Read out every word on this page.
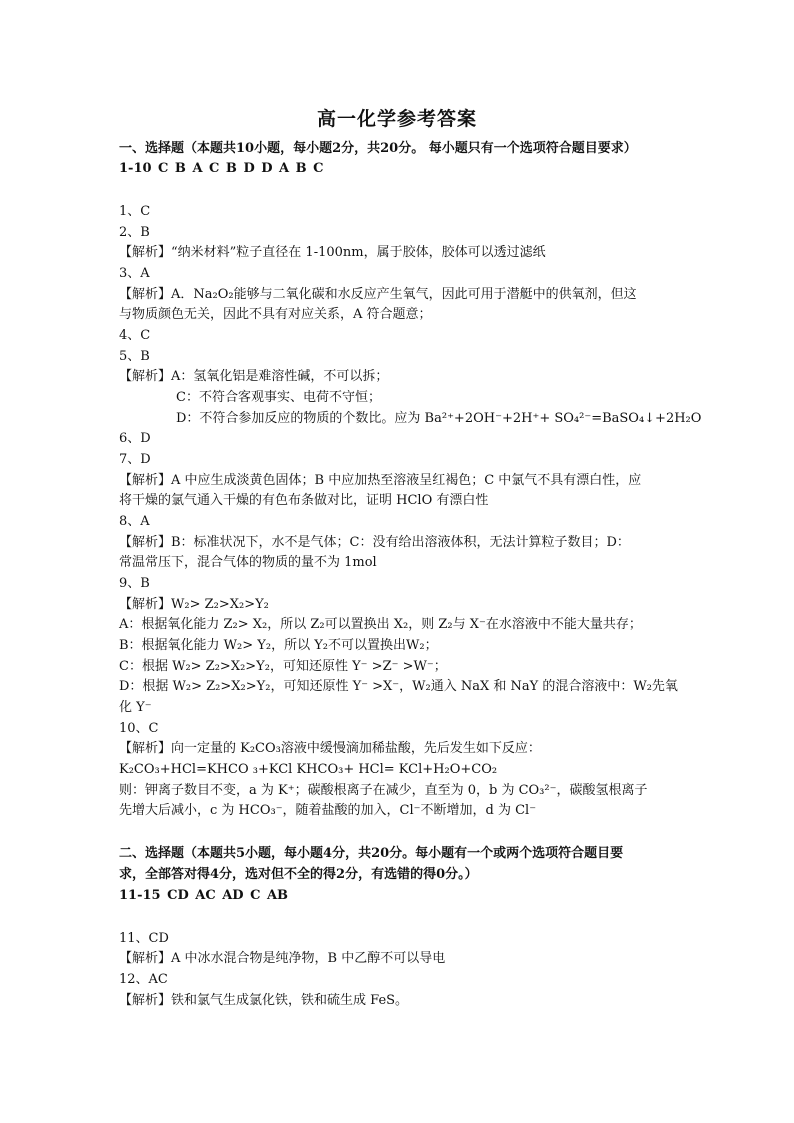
高一化学参考答案
一、选择题（本题共10小题，每小题2分，共20分。 每小题只有一个选项符合题目要求）
1-10 C B A C B D D A B C
1、C
2、B
【解析】“纳米材料”粒子直径在 1-100nm，属于胶体，胶体可以透过滤纸
3、A
【解析】A．Na₂O₂能够与二氧化碳和水反应产生氧气，因此可用于潜艇中的供氧剂，但这
与物质颜色无关，因此不具有对应关系，A 符合题意；
4、C
5、B
【解析】A：氢氧化铝是难溶性碱，不可以拆；
C：不符合客观事实、电荷不守恒；
D：不符合参加反应的物质的个数比。应为 Ba²⁺+2OH⁻+2H⁺+ SO₄²⁻=BaSO₄↓+2H₂O
6、D
7、D
【解析】A 中应生成淡黄色固体；B 中应加热至溶液呈红褐色；C 中氯气不具有漂白性，应
将干燥的氯气通入干燥的有色布条做对比，证明 HClO 有漂白性
8、A
【解析】B：标准状况下，水不是气体；C：没有给出溶液体积，无法计算粒子数目；D：
常温常压下，混合气体的物质的量不为 1mol
9、B
【解析】W₂> Z₂>X₂>Y₂
A：根据氧化能力 Z₂> X₂，所以 Z₂可以置换出 X₂，则 Z₂与 X⁻在水溶液中不能大量共存；
B：根据氧化能力 W₂> Y₂，所以 Y₂不可以置换出W₂；
C：根据 W₂> Z₂>X₂>Y₂，可知还原性 Y⁻ >Z⁻ >W⁻；
D：根据 W₂> Z₂>X₂>Y₂，可知还原性 Y⁻ >X⁻，W₂通入 NaX 和 NaY 的混合溶液中：W₂先氧
化 Y⁻
10、C
【解析】向一定量的 K₂CO₃溶液中缓慢滴加稀盐酸，先后发生如下反应：
K₂CO₃+HCl=KHCO ₃+KCl KHCO₃+ HCl= KCl+H₂O+CO₂
则：钾离子数目不变，a 为 K⁺；碳酸根离子在减少，直至为 0，b 为 CO₃²⁻，碳酸氢根离子
先增大后减小，c 为 HCO₃⁻，随着盐酸的加入，Cl⁻不断增加，d 为 Cl⁻
二、选择题（本题共5小题，每小题4分，共20分。每小题有一个或两个选项符合题目要
求，全部答对得4分，选对但不全的得2分，有选错的得0分。）
11-15 CD AC AD C AB
11、CD
【解析】A 中冰水混合物是纯净物，B 中乙醇不可以导电
12、AC
【解析】铁和氯气生成氯化铁，铁和硫生成 FeS。
